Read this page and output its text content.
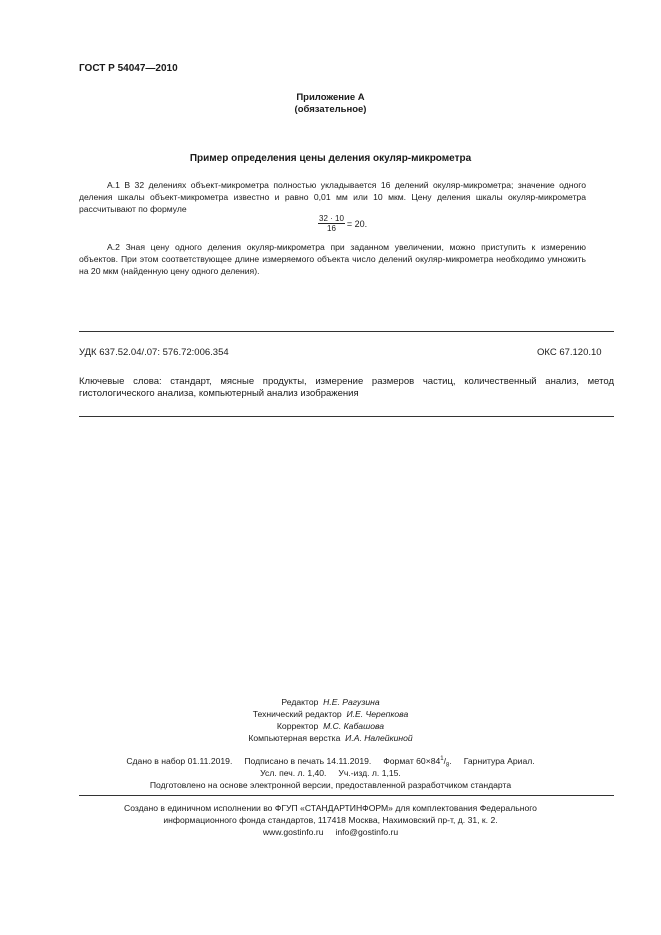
ГОСТ Р 54047—2010
Приложение А
(обязательное)
Пример определения цены деления окуляр-микрометра
А.1 В 32 делениях объект-микрометра полностью укладывается 16 делений окуляр-микрометра; значение одного деления шкалы объект-микрометра известно и равно 0,01 мм или 10 мкм. Цену деления шкалы окуляр-микрометра рассчитывают по формуле
$\frac{32 \cdot 10}{16} = 20$.
А.2 Зная цену одного деления окуляр-микрометра при заданном увеличении, можно приступить к измерению объектов. При этом соответствующее длине измеряемого объекта число делений окуляр-микрометра необходимо умножить на 20 мкм (найденную цену одного деления).
УДК 637.52.04/.07: 576.72:006.354	ОКС 67.120.10
Ключевые слова: стандарт, мясные продукты, измерение размеров частиц, количественный анализ, метод гистологического анализа, компьютерный анализ изображения
Редактор Н.Е. Рагузина
Технический редактор И.Е. Черепкова
Корректор М.С. Кабашова
Компьютерная верстка И.А. Налейкиной
Сдано в набор 01.11.2019. Подписано в печать 14.11.2019. Формат $60\times 84^1/_8$. Гарнитура Ариал.
Усл. печ. л. 1,40. Уч.-изд. л. 1,15.
Подготовлено на основе электронной версии, предоставленной разработчиком стандарта
Создано в единичном исполнении во ФГУП «СТАНДАРТИНФОРМ» для комплектования Федерального
информационного фонда стандартов, 117418 Москва, Нахимовский пр-т, д. 31, к. 2.
www.gostinfo.ru info@gostinfo.ru
